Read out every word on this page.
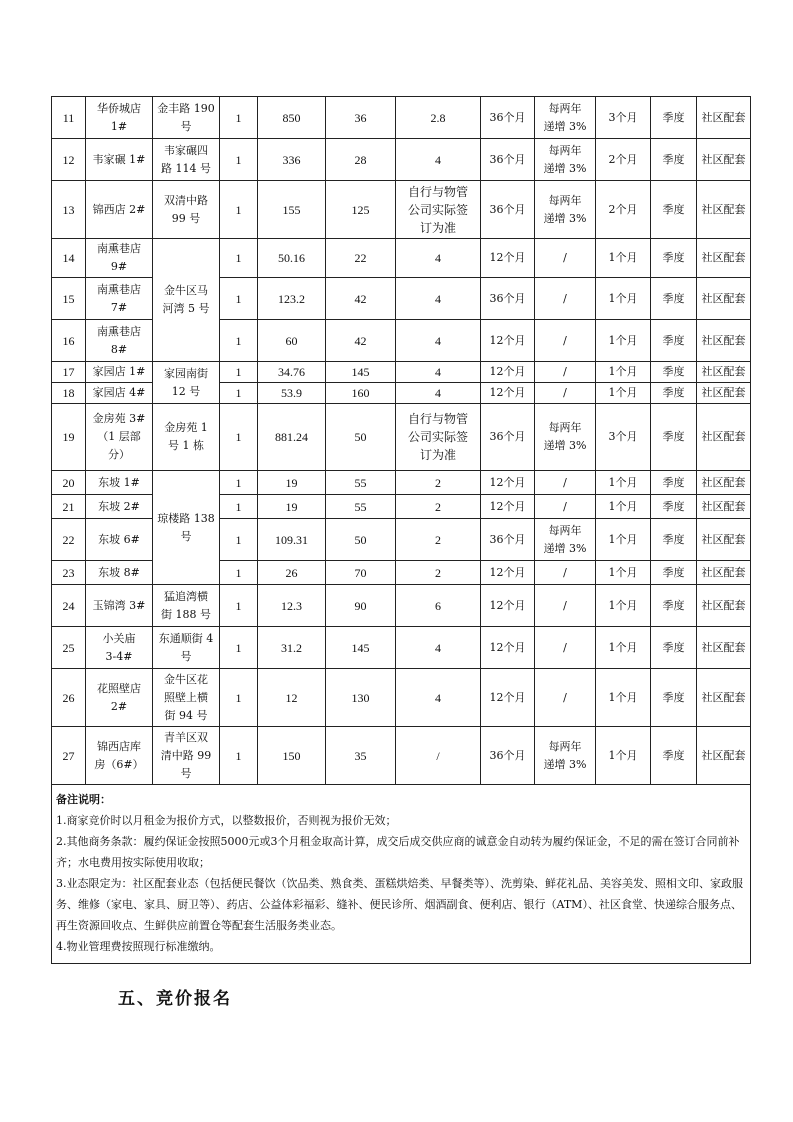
11	华侨城店
1#	金丰路 190
号	1	850	36	2.8	36个月	每两年
递增 3%	3个月	季度	社区配套
12	韦家碾 1#	韦家碾四
路 114 号	1	336	28	4	36个月	每两年
递增 3%	2个月	季度	社区配套
13	锦西店 2#	双清中路
99 号	1	155	125	自行与物管
公司实际签
订为准	36个月	每两年
递增 3%	2个月	季度	社区配套
14	南熏巷店
9#	金牛区马
河湾 5 号	1	50.16	22	4	12个月	/	1个月	季度	社区配套
15	南熏巷店
7#		1	123.2	42	4	36个月	/	1个月	季度	社区配套
16	南熏巷店
8#		1	60	42	4	12个月	/	1个月	季度	社区配套
17	家园店 1#	家园南街
12 号	1	34.76	145	4	12个月	/	1个月	季度	社区配套
18	家园店 4#		1	53.9	160	4	12个月	/	1个月	季度	社区配套
19	金房苑 3#
（1 层部
分）	金房苑 1
号 1 栋	1	881.24	50	自行与物管
公司实际签
订为准	36个月	每两年
递增 3%	3个月	季度	社区配套
20	东坡 1#	琼楼路 138
号	1	19	55	2	12个月	/	1个月	季度	社区配套
21	东坡 2#		1	19	55	2	12个月	/	1个月	季度	社区配套
22	东坡 6#		1	109.31	50	2	36个月	每两年
递增 3%	1个月	季度	社区配套
23	东坡 8#		1	26	70	2	12个月	/	1个月	季度	社区配套
24	玉锦湾 3#	猛追湾横
街 188 号	1	12.3	90	6	12个月	/	1个月	季度	社区配套
25	小关庙
3-4#	东通顺街 4
号	1	31.2	145	4	12个月	/	1个月	季度	社区配套
26	花照壁店
2#	金牛区花
照壁上横
街 94 号	1	12	130	4	12个月	/	1个月	季度	社区配套
27	锦西店库
房（6#）	青羊区双
清中路 99
号	1	150	35	/	36个月	每两年
递增 3%	1个月	季度	社区配套

备注说明：
1.商家竞价时以月租金为报价方式，以整数报价，否则视为报价无效；
2.其他商务条款：履约保证金按照5000元或3个月租金取高计算，成交后成交供应商的诚意金自动转为履约保证金，不足的需在签订合同前补齐；水电费用按实际使用收取；
3.业态限定为：社区配套业态（包括便民餐饮（饮品类、熟食类、蛋糕烘焙类、早餐类等）、洗剪染、鲜花礼品、美容美发、照相文印、家政服务、维修（家电、家具、厨卫等）、药店、公益体彩福彩、缝补、便民诊所、烟酒副食、便利店、银行（ATM）、社区食堂、快递综合服务点、再生资源回收点、生鲜供应前置仓等配套生活服务类业态。
4.物业管理费按照现行标准缴纳。											
五、竞价报名
